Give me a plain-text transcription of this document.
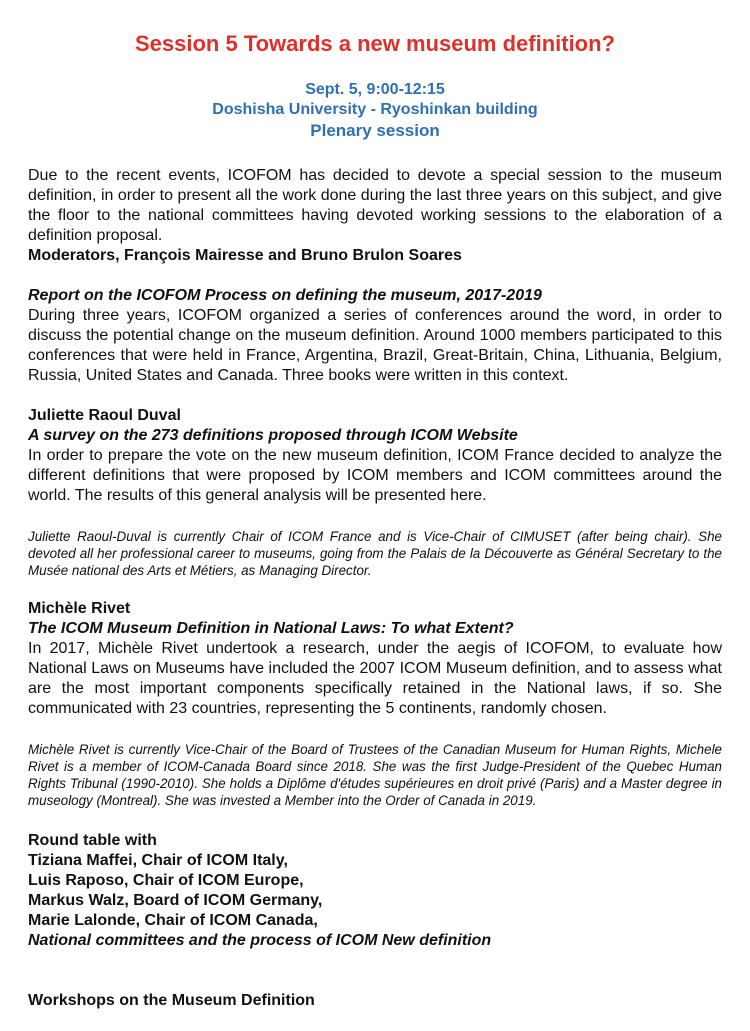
Session 5 Towards a new museum definition?
Sept. 5, 9:00-12:15
Doshisha University - Ryoshinkan building
Plenary session

Due to the recent events, ICOFOM has decided to devote a special session to the museum definition, in order to present all the work done during the last three years on this subject, and give the floor to the national committees having devoted working sessions to the elaboration of a definition proposal.

Moderators, François Mairesse and Bruno Brulon Soares

Report on the ICOFOM Process on defining the museum, 2017-2019

During three years, ICOFOM organized a series of conferences around the word, in order to discuss the potential change on the museum definition. Around 1000 members participated to this conferences that were held in France, Argentina, Brazil, Great-Britain, China, Lithuania, Belgium, Russia, United States and Canada. Three books were written in this context.

Juliette Raoul Duval

A survey on the 273 definitions proposed through ICOM Website

In order to prepare the vote on the new museum definition, ICOM France decided to analyze the different definitions that were proposed by ICOM members and ICOM committees around the world. The results of this general analysis will be presented here.

Juliette Raoul-Duval is currently Chair of ICOM France and is Vice-Chair of CIMUSET (after being chair). She devoted all her professional career to museums, going from the Palais de la Découverte as Général Secretary to the Musée national des Arts et Métiers, as Managing Director.

Michèle Rivet

The ICOM Museum Definition in National Laws: To what Extent?

In 2017, Michèle Rivet undertook a research, under the aegis of ICOFOM, to evaluate how National Laws on Museums have included the 2007 ICOM Museum definition, and to assess what are the most important components specifically retained in the National laws, if so. She communicated with 23 countries, representing the 5 continents, randomly chosen.

Michèle Rivet is currently Vice-Chair of the Board of Trustees of the Canadian Museum for Human Rights, Michele Rivet is a member of ICOM-Canada Board since 2018. She was the first Judge-President of the Quebec Human Rights Tribunal (1990-2010). She holds a Diplôme d'études supérieures en droit privé (Paris) and a Master degree in museology (Montreal). She was invested a Member into the Order of Canada in 2019.

Round table with

Tiziana Maffei, Chair of ICOM Italy,

Luis Raposo, Chair of ICOM Europe,

Markus Walz, Board of ICOM Germany,

Marie Lalonde, Chair of ICOM Canada,

National committees and the process of ICOM New definition

Workshops on the Museum Definition
